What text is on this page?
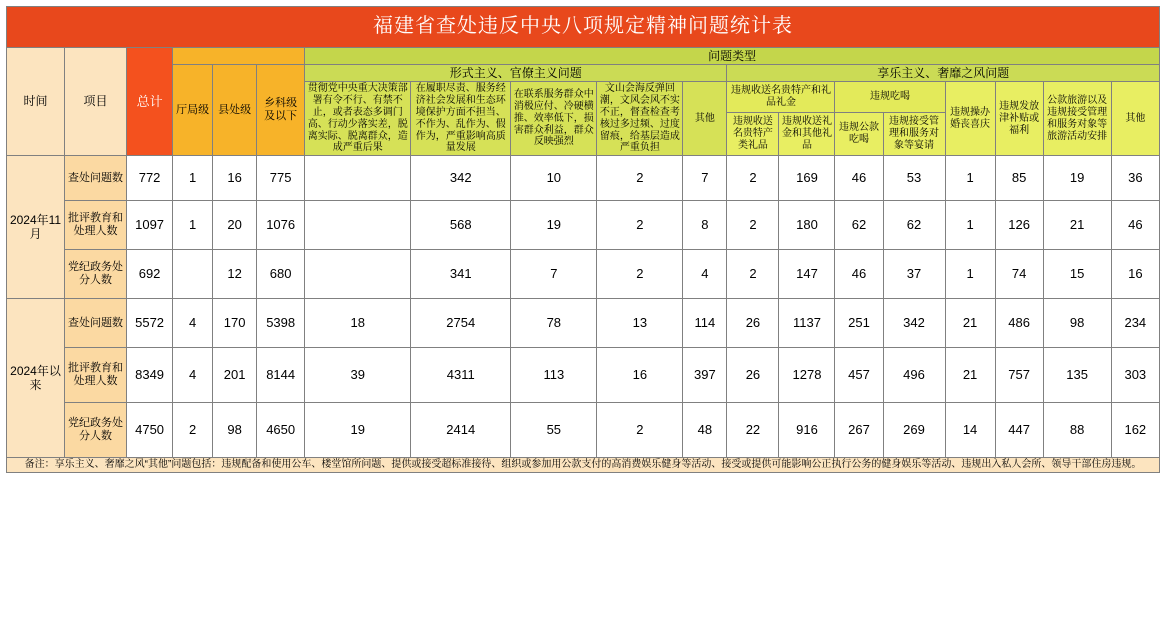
福建省查处违反中央八项规定精神问题统计表																		
时间	项目	总计				问题类型												
			厅局级	县处级	乡科级及以下	形式主义、官僚主义问题					享乐主义、奢靡之风问题							
						贯彻党中央重大决策部署有令不行、有禁不止，或者表态多调门高、行动少落实差，脱离实际、脱离群众，造成严重后果	在履职尽责、服务经济社会发展和生态环境保护方面不担当、不作为、乱作为、假作为，严重影响高质量发展	在联系服务群众中消极应付、冷硬横推、效率低下，损害群众利益，群众反映强烈	文山会海反弹回潮，文风会风不实不正，督查检查考核过多过频、过度留痕，给基层造成严重负担	其他	违规收送名贵特产和礼品礼金		违规吃喝		违规操办婚丧喜庆	违规发放津补贴或福利	公款旅游以及违规接受管理和服务对象等旅游活动安排	其他
											违规收送名贵特产类礼品	违规收送礼金和其他礼品	违规公款吃喝	违规接受管理和服务对象等宴请				
2024年11月	查处问题数	772	1	16	775		342	10	2	7	2	169	46	53	1	85	19	36
	批评教育和处理人数	1097	1	20	1076		568	19	2	8	2	180	62	62	1	126	21	46
	党纪政务处分人数	692		12	680		341	7	2	4	2	147	46	37	1	74	15	16
2024年以来	查处问题数	5572	4	170	5398	18	2754	78	13	114	26	1137	251	342	21	486	98	234
	批评教育和处理人数	8349	4	201	8144	39	4311	113	16	397	26	1278	457	496	21	757	135	303
	党纪政务处分人数	4750	2	98	4650	19	2414	55	2	48	22	916	267	269	14	447	88	162
备注：享乐主义、奢靡之风“其他”问题包括：违规配备和使用公车、楼堂馆所问题、提供或接受超标准接待、组织或参加用公款支付的高消费娱乐健身等活动、接受或提供可能影响公正执行公务的健身娱乐等活动、违规出入私人会所、领导干部住房违规。																		
